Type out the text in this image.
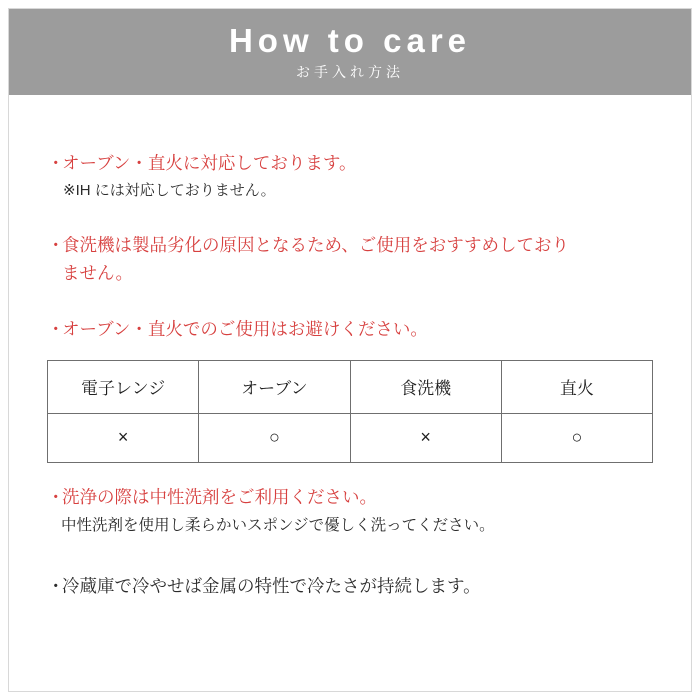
How to care
お手入れ方法
・
オーブン・直火に対応しております。
※IH には対応しておりません。
・
食洗機は製品劣化の原因となるため、ご使用をおすすめしており
ません。
・
オーブン・直火でのご使用はお避けください。
電子レンジ	オーブン	食洗機	直火
×	○	×	○
・
洗浄の際は中性洗剤をご利用ください。
中性洗剤を使用し柔らかいスポンジで優しく洗ってください。
・
冷蔵庫で冷やせば金属の特性で冷たさが持続します。
